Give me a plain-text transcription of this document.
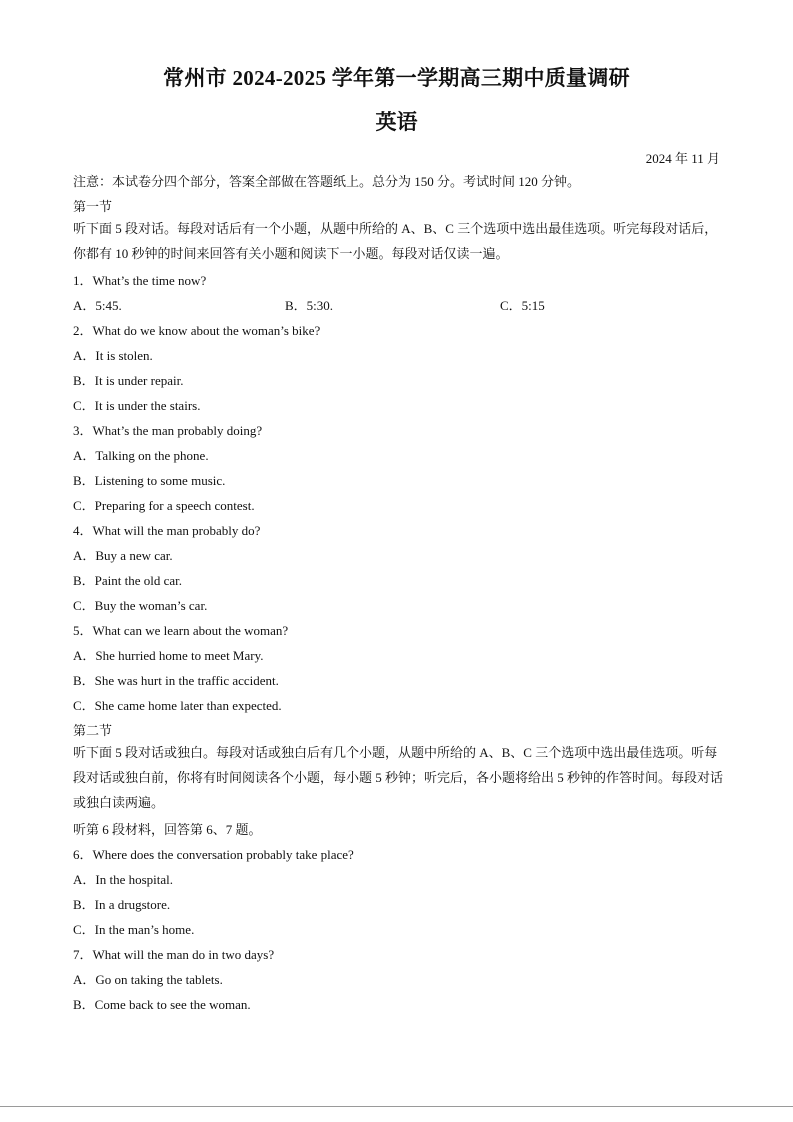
常州市 2024-2025 学年第一学期高三期中质量调研
英语
2024 年 11 月
注意：本试卷分四个部分，答案全部做在答题纸上。总分为 150 分。考试时间 120 分钟。
第一节
听下面 5 段对话。每段对话后有一个小题，从题中所给的 A、B、C 三个选项中选出最佳选项。听完每段对话后，你都有 10 秒钟的时间来回答有关小题和阅读下一小题。每段对话仅读一遍。
1．What’s the time now?
A．5:45.	B．5:30.	C．5:15
2．What do we know about the woman’s bike?
A．It is stolen.
B．It is under repair.
C．It is under the stairs.
3．What’s the man probably doing?
A．Talking on the phone.
B．Listening to some music.
C．Preparing for a speech contest.
4．What will the man probably do?
A．Buy a new car.
B．Paint the old car.
C．Buy the woman’s car.
5．What can we learn about the woman?
A．She hurried home to meet Mary.
B．She was hurt in the traffic accident.
C．She came home later than expected.
第二节
听下面 5 段对话或独白。每段对话或独白后有几个小题，从题中所给的 A、B、C 三个选项中选出最佳选项。听每段对话或独白前，你将有时间阅读各个小题，每小题 5 秒钟；听完后，各小题将给出 5 秒钟的作答时间。每段对话或独白读两遍。
听第 6 段材料，回答第 6、7 题。
6．Where does the conversation probably take place?
A．In the hospital.
B．In a drugstore.
C．In the man’s home.
7．What will the man do in two days?
A．Go on taking the tablets.
B．Come back to see the woman.
